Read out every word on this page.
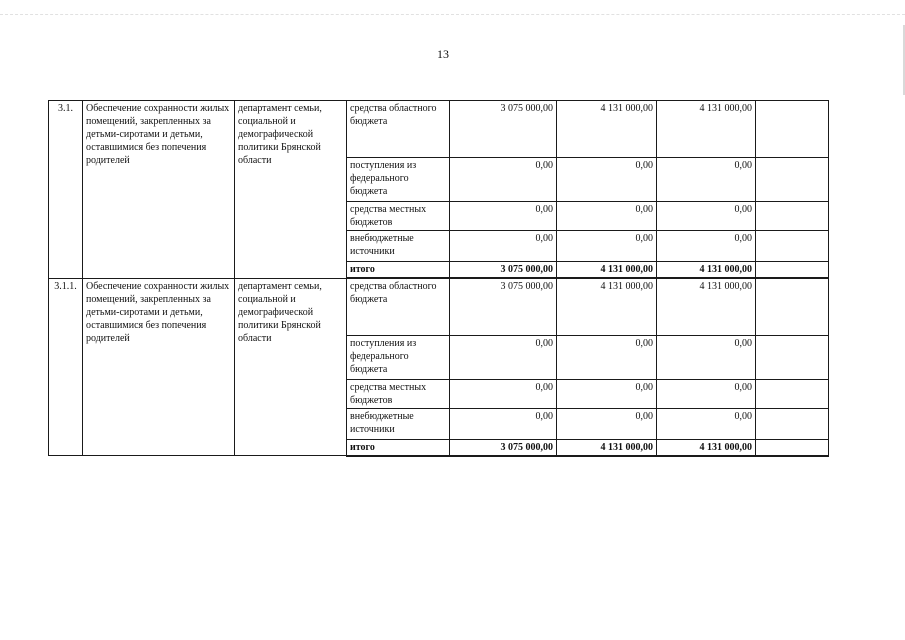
13
3.1.	Обеспечение сохранности жилых помещений, закрепленных за детьми-сиротами и детьми, оставшимися без попечения родителей	департамент семьи, социальной и демографической политики Брянской области	средства областного бюджета	3 075 000,00	4 131 000,00	4 131 000,00	
			поступления из федерального бюджета	0,00	0,00	0,00	
			средства местных бюджетов	0,00	0,00	0,00	
			внебюджетные источники	0,00	0,00	0,00	
			итого	3 075 000,00	4 131 000,00	4 131 000,00	
3.1.1.	Обеспечение сохранности жилых помещений, закрепленных за детьми-сиротами и детьми, оставшимися без попечения родителей	департамент семьи, социальной и демографической политики Брянской области	средства областного бюджета	3 075 000,00	4 131 000,00	4 131 000,00	
			поступления из федерального бюджета	0,00	0,00	0,00	
			средства местных бюджетов	0,00	0,00	0,00	
			внебюджетные источники	0,00	0,00	0,00	
			итого	3 075 000,00	4 131 000,00	4 131 000,00	
